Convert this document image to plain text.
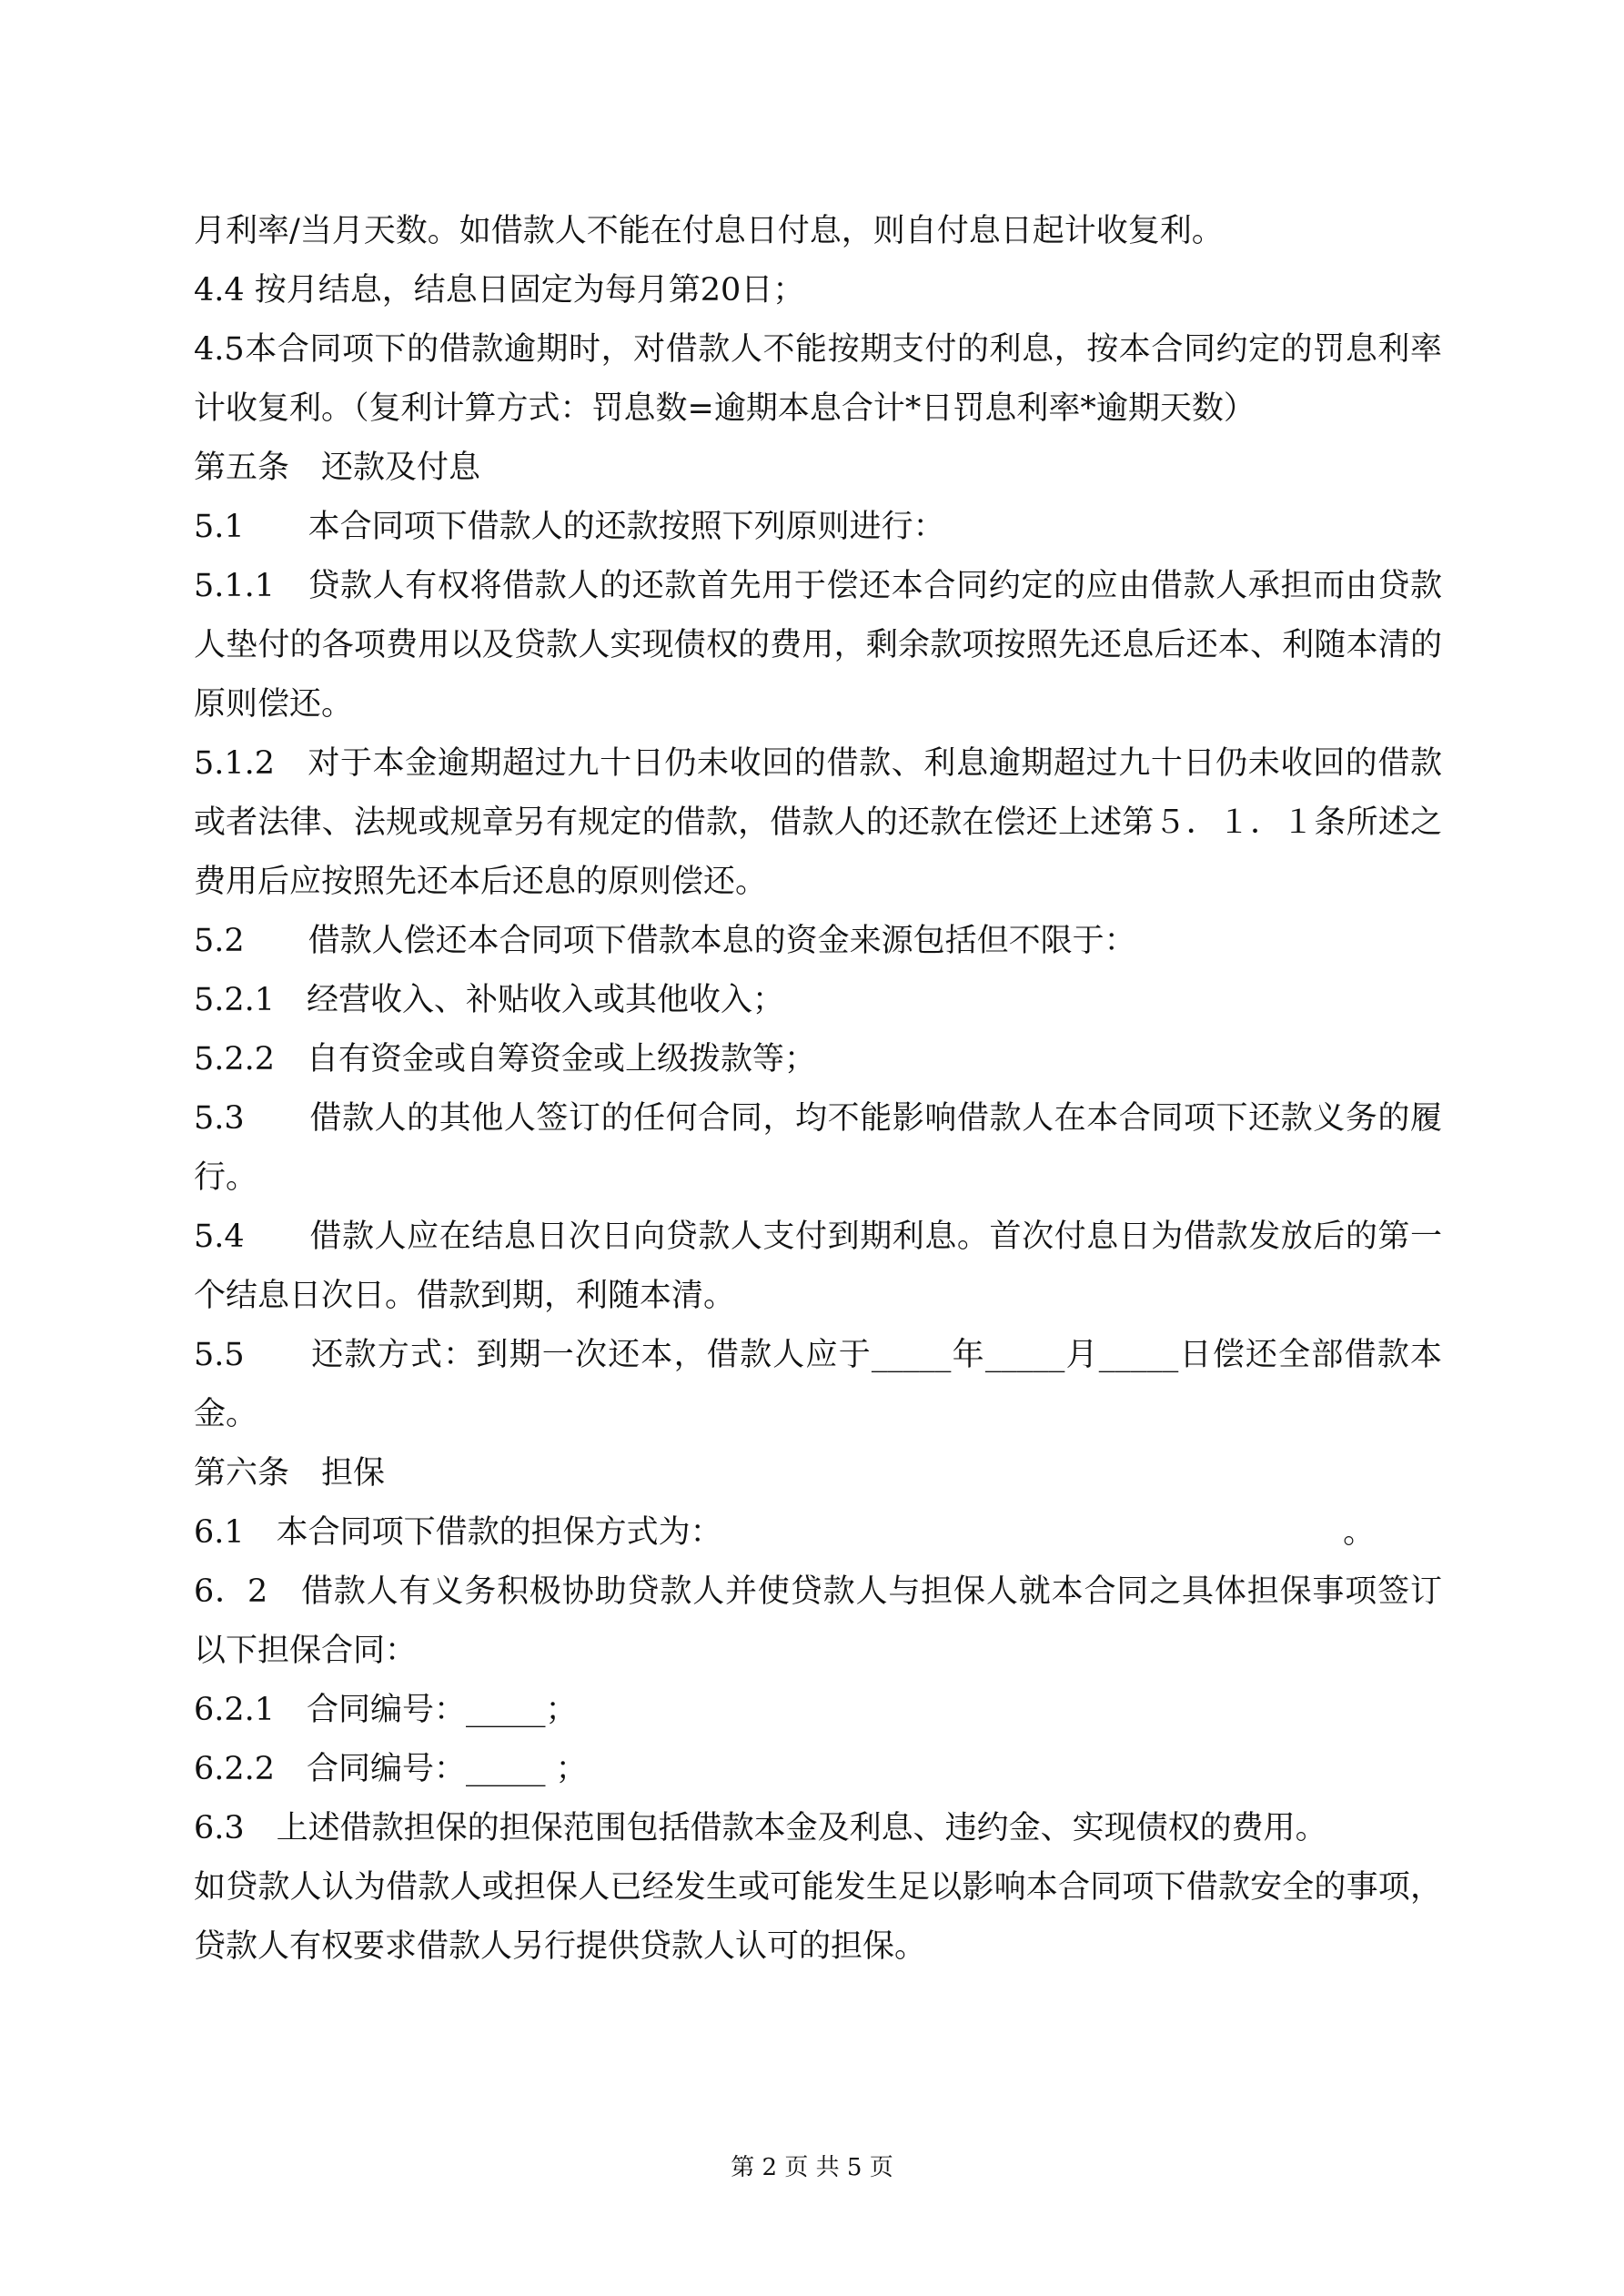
月利率/当月天数。如借款人不能在付息日付息，则自付息日起计收复利。

4.4 按月结息，结息日固定为每月第20日；

4.5本合同项下的借款逾期时，对借款人不能按期支付的利息，按本合同约定的罚息利率计收复利。（复利计算方式：罚息数=逾期本息合计*日罚息利率*逾期天数）

第五条　还款及付息

5.1　　本合同项下借款人的还款按照下列原则进行：

5.1.1　贷款人有权将借款人的还款首先用于偿还本合同约定的应由借款人承担而由贷款人垫付的各项费用以及贷款人实现债权的费用，剩余款项按照先还息后还本、利随本清的原则偿还。

5.1.2　对于本金逾期超过九十日仍未收回的借款、利息逾期超过九十日仍未收回的借款或者法律、法规或规章另有规定的借款，借款人的还款在偿还上述第５．１．１条所述之费用后应按照先还本后还息的原则偿还。

5.2　　借款人偿还本合同项下借款本息的资金来源包括但不限于：

5.2.1　经营收入、补贴收入或其他收入；

5.2.2　自有资金或自筹资金或上级拨款等；

5.3　　借款人的其他人签订的任何合同，均不能影响借款人在本合同项下还款义务的履行。

5.4　　借款人应在结息日次日向贷款人支付到期利息。首次付息日为借款发放后的第一个结息日次日。借款到期，利随本清。

5.5　　还款方式：到期一次还本，借款人应于_____年_____月_____日偿还全部借款本金。

第六条　担保

6.1　本合同项下借款的担保方式为：　　　　　　　　　　　　　　　　　　　　。

6．2　借款人有义务积极协助贷款人并使贷款人与担保人就本合同之具体担保事项签订以下担保合同：

6.2.1　合同编号：_____；

6.2.2　合同编号：_____ ；

6.3　上述借款担保的担保范围包括借款本金及利息、违约金、实现债权的费用。

如贷款人认为借款人或担保人已经发生或可能发生足以影响本合同项下借款安全的事项，贷款人有权要求借款人另行提供贷款人认可的担保。

第 2 页 共 5 页
